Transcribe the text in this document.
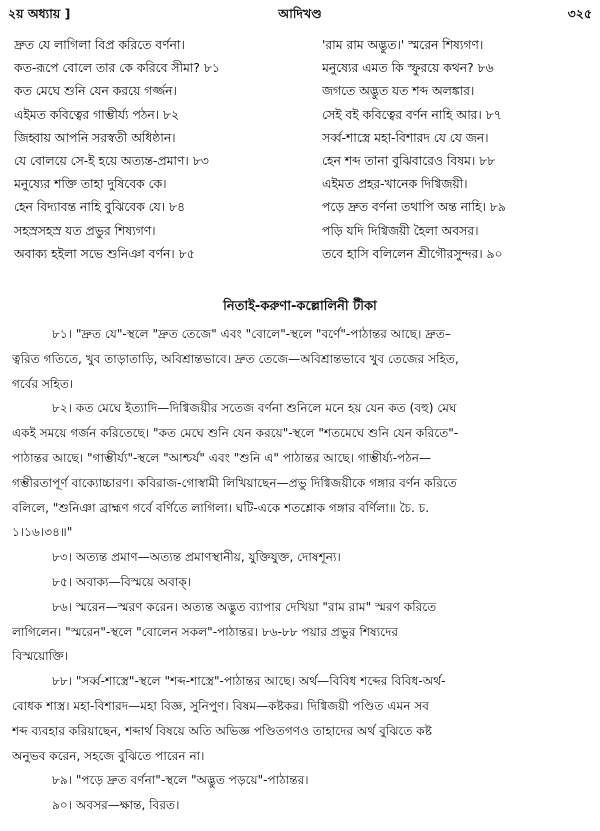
২য় অধ্যায় ]	আদিখণ্ড	৩২৫
দ্রুত যে লাগিলা বিপ্র করিতে বর্ণনা।
কত-রূপে বোলে তার কে করিবে সীমা? ৮১
কত মেঘে শুনি যেন করয়ে গর্জ্জন।
এইমত কবিত্বের গাম্ভীর্য্য পঠন। ৮২
জিহ্বায় আপনি সরস্বতী অধিষ্ঠান।
যে বোলয়ে সে-ই হয়ে অত্যন্ত-প্রমাণ। ৮৩
মনুষ্যের শক্তি তাহা দুষিবেক কে।
হেন বিদ্যাবন্ত নাহি বুঝিবেক যে। ৮৪
সহস্রসহস্র যত প্রভুর শিষ্যগণ।
অবাক্য হইলা সভে শুনিঞা বর্ণন। ৮৫
'রাম রাম অদ্ভুত।' স্মরেন শিষ্যগণ।
মনুষ্যের এমত কি স্ফুরয়ে কথন? ৮৬
জগতে অদ্ভুত যত শব্দ অলঙ্কার।
সেই বই কবিত্বের বর্ণন নাহি আর। ৮৭
সর্ব্ব-শাস্ত্রে মহা-বিশারদ যে যে জন।
হেন শব্দ তানা বুঝিবারেও বিষম। ৮৮
এইমত প্রহর-খানেক দিগ্বিজয়ী।
পড়ে দ্রুত বর্ণনা তথাপি অন্ত নাহি। ৮৯
পড়ি যদি দিগ্বিজয়ী হৈলা অবসর।
তবে হাসি বলিলেন শ্রীগৌরসুন্দর। ৯০
নিতাই-করুণা-কল্লোলিনী টীকা
৮১। "দ্রুত যে"-স্থলে "দ্রুত তেজে" এবং "বোলে"-স্থলে "বর্ণে"-পাঠান্তর আছে। দ্রুত–
ত্বরিত গতিতে, খুব তাড়াতাড়ি, অবিশ্রান্তভাবে। দ্রুত তেজে—অবিশ্রান্তভাবে খুব তেজের সহিত,
গর্বের সহিত।
৮২। কত মেঘে ইত্যাদি—দিগ্বিজয়ীর সতেজ বর্ণনা শুনিলে মনে হয় যেন কত (বহু) মেঘ
একই সময়ে গর্জন করিতেছে। "কত মেঘে শুনি যেন করয়ে"-স্থলে "শতমেঘে শুনি যেন করিতে"-
পাঠান্তর আছে। "গাম্ভীর্য্য"-স্থলে "আশ্চর্য" এবং "শুনি এ" পাঠান্তর আছে। গাম্ভীর্য্য-পঠন—
গম্ভীরতাপূর্ণ বাক্যোচ্চারণ। কবিরাজ-গোস্বামী লিখিয়াছেন—প্রভু দিগ্বিজয়ীকে গঙ্গার বর্ণন করিতে
বলিলে, "শুনিঞা ব্রাহ্মণ গর্বে বর্ণিতে লাগিলা। ঘটি-একে শতশ্লোক গঙ্গার বর্ণিলা॥ চৈ. চ.
১।১৬।৩৪॥"
৮৩। অত্যন্ত প্রমাণ—অত্যন্ত প্রমাণস্থানীয়, যুক্তিযুক্ত, দোষশূন্য।
৮৫। অবাক্য—বিস্ময়ে অবাক্।
৮৬। স্মরেন—স্মরণ করেন। অত্যন্ত অদ্ভুত ব্যাপার দেখিয়া "রাম রাম" স্মরণ করিতে
লাগিলেন। "স্মরেন"-স্থলে "বোলেন সকল"-পাঠান্তর। ৮৬-৮৮ পয়ার প্রভুর শিষ্যদের
বিস্ময়োক্তি।
৮৮। "সর্ব্ব-শাস্ত্রে"-স্থলে "শব্দ-শাস্ত্রে"-পাঠান্তর আছে। অর্থ—বিবিধ শব্দের বিবিধ-অর্থ-
বোধক শাস্ত্র। মহা-বিশারদ—মহা বিজ্ঞ, সুনিপুণ। বিষম—কষ্টকর। দিগ্বিজয়ী পণ্ডিত এমন সব
শব্দ ব্যবহার করিয়াছেন, শব্দার্থ বিষয়ে অতি অভিজ্ঞ পণ্ডিতগণও তাহাদের অর্থ বুঝিতে কষ্ট
অনুভব করেন, সহজে বুঝিতে পারেন না।
৮৯। "পড়ে দ্রুত বর্ণনা"-স্থলে "অদ্ভুত পড়য়ে"-পাঠান্তর।
৯০। অবসর—ক্ষান্ত, বিরত।
